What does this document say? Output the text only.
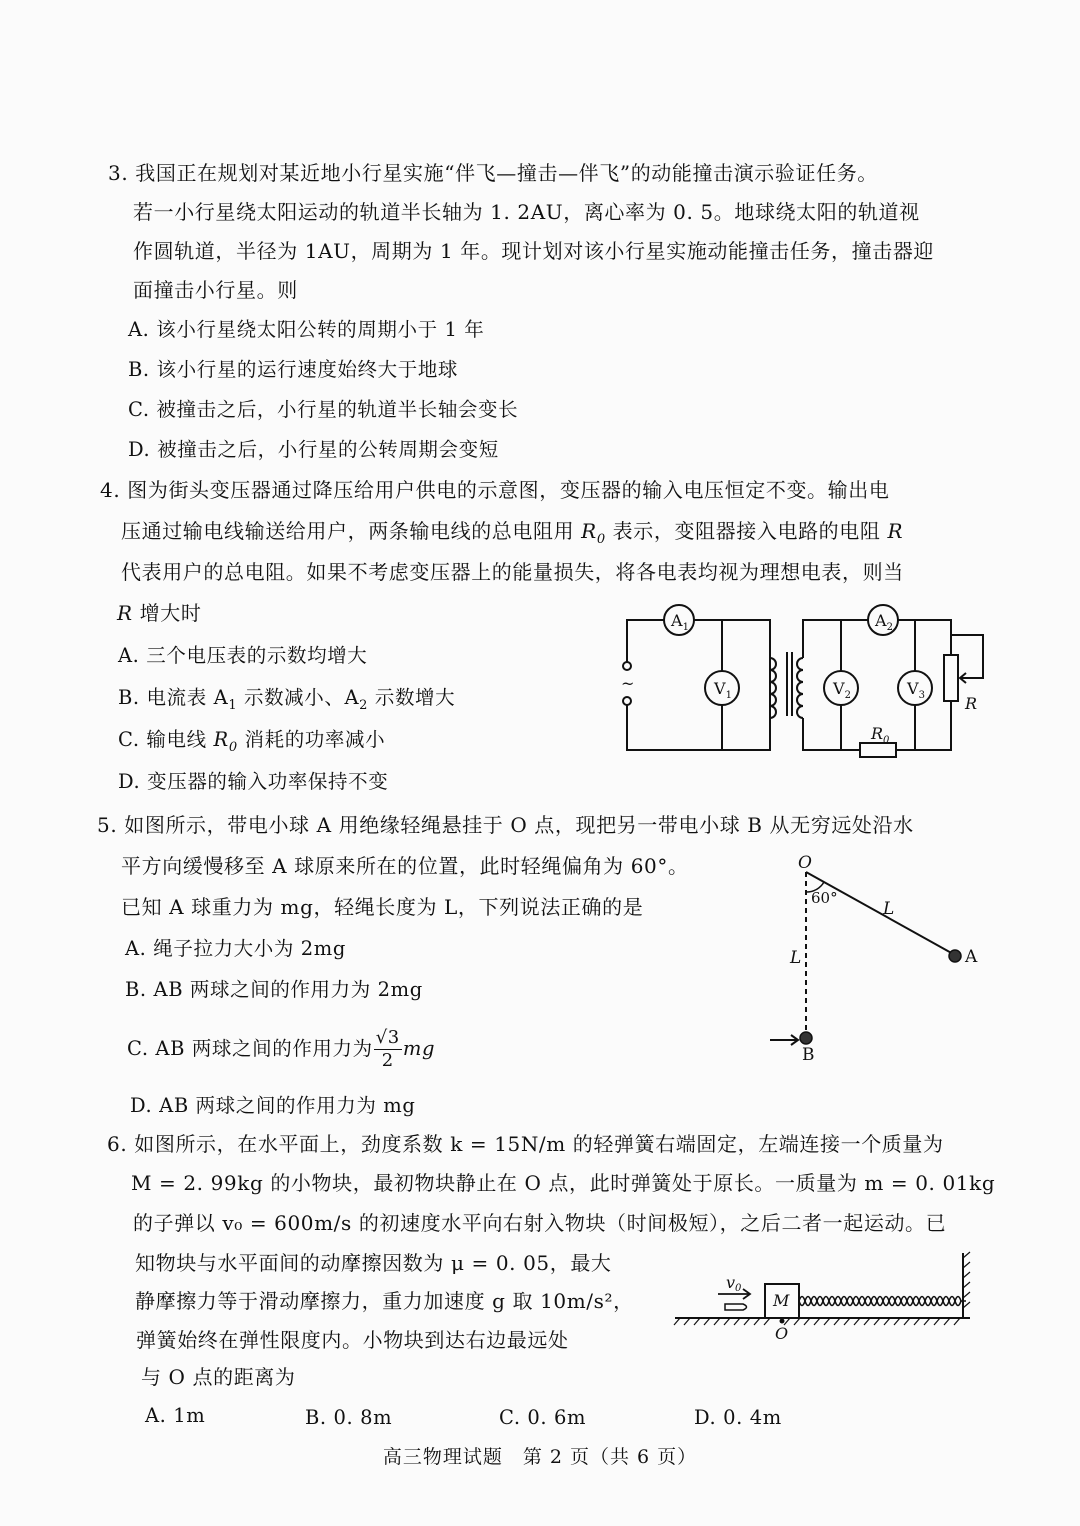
3. 我国正在规划对某近地小行星实施“伴飞—撞击—伴飞”的动能撞击演示验证任务。
若一小行星绕太阳运动的轨道半长轴为 1. 2AU，离心率为 0. 5。地球绕太阳的轨道视
作圆轨道，半径为 1AU，周期为 1 年。现计划对该小行星实施动能撞击任务，撞击器迎
面撞击小行星。则
A. 该小行星绕太阳公转的周期小于 1 年
B. 该小行星的运行速度始终大于地球
C. 被撞击之后，小行星的轨道半长轴会变长
D. 被撞击之后，小行星的公转周期会变短
4. 图为街头变压器通过降压给用户供电的示意图，变压器的输入电压恒定不变。输出电
压通过输电线输送给用户，两条输电线的总电阻用 $R_0$ 表示，变阻器接入电路的电阻 R
代表用户的总电阻。如果不考虑变压器上的能量损失，将各电表均视为理想电表，则当
R 增大时
A. 三个电压表的示数均增大
B. 电流表 $A_1$ 示数减小、$A_2$ 示数增大
C. 输电线 $R_0$ 消耗的功率减小
D. 变压器的输入功率保持不变
~
$A_1$	$A_2$
$V_1$	$V_2$	$V_3$	R
$R_0$
5. 如图所示，带电小球 A 用绝缘轻绳悬挂于 O 点，现把另一带电小球 B 从无穷远处沿水
平方向缓慢移至 A 球原来所在的位置，此时轻绳偏角为 60°。
已知 A 球重力为 mg，轻绳长度为 L，下列说法正确的是
A. 绳子拉力大小为 2mg
B. AB 两球之间的作用力为 2mg
C. AB 两球之间的作用力为 $\frac{√3}{2}$ mg
D. AB 两球之间的作用力为 mg
O
60°
L
L	A
B
6. 如图所示，在水平面上，劲度系数 k = 15N/m 的轻弹簧右端固定，左端连接一个质量为
M = 2. 99kg 的小物块，最初物块静止在 O 点，此时弹簧处于原长。一质量为 m = 0. 01kg
的子弹以 v₀ = 600m/s 的初速度水平向右射入物块（时间极短），之后二者一起运动。已
知物块与水平面间的动摩擦因数为 μ = 0. 05，最大
静摩擦力等于滑动摩擦力，重力加速度 g 取 10m/s²，
弹簧始终在弹性限度内。小物块到达右边最远处
与 O 点的距离为
A. 1m	B. 0. 8m	C. 0. 6m	D. 0. 4m
v0
M
O
高三物理试题　第 2 页（共 6 页）
